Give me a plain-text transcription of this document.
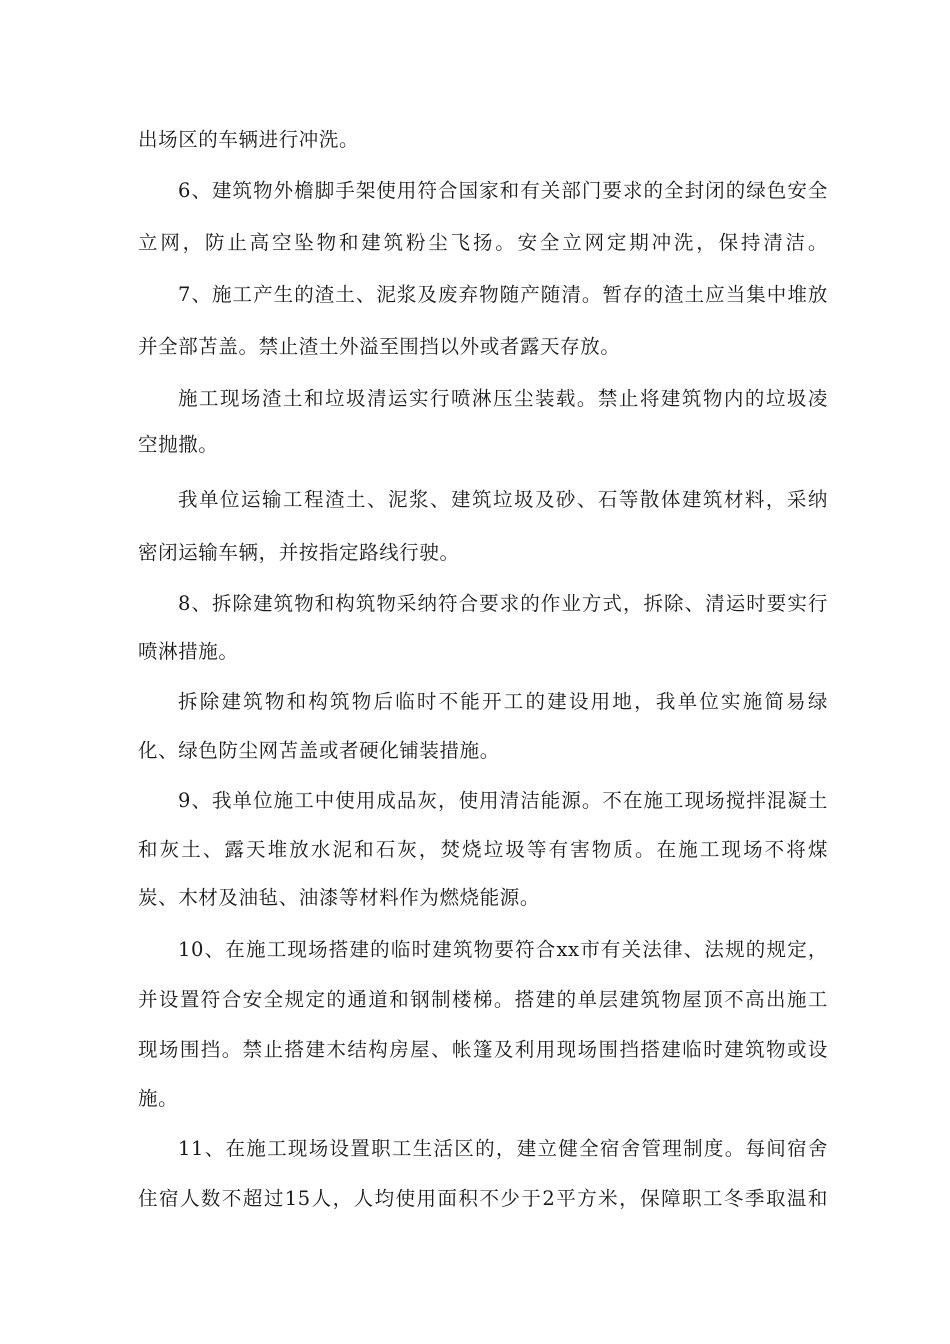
出场区的车辆进行冲洗。
6、建筑物外檐脚手架使用符合国家和有关部门要求的全封闭的绿色安全
立网，防止高空坠物和建筑粉尘飞扬。安全立网定期冲洗，保持清洁。
7、施工产生的渣土、泥浆及废弃物随产随清。暂存的渣土应当集中堆放
并全部苫盖。禁止渣土外溢至围挡以外或者露天存放。
施工现场渣土和垃圾清运实行喷淋压尘装载。禁止将建筑物内的垃圾凌
空抛撒。
我单位运输工程渣土、泥浆、建筑垃圾及砂、石等散体建筑材料，采纳
密闭运输车辆，并按指定路线行驶。
8、拆除建筑物和构筑物采纳符合要求的作业方式，拆除、清运时要实行
喷淋措施。
拆除建筑物和构筑物后临时不能开工的建设用地，我单位实施简易绿
化、绿色防尘网苫盖或者硬化铺装措施。
9、我单位施工中使用成品灰，使用清洁能源。不在施工现场搅拌混凝土
和灰土、露天堆放水泥和石灰，焚烧垃圾等有害物质。在施工现场不将煤
炭、木材及油毡、油漆等材料作为燃烧能源。
10、在施工现场搭建的临时建筑物要符合xx市有关法律、法规的规定，
并设置符合安全规定的通道和钢制楼梯。搭建的单层建筑物屋顶不高出施工
现场围挡。禁止搭建木结构房屋、帐篷及利用现场围挡搭建临时建筑物或设
施。
11、在施工现场设置职工生活区的，建立健全宿舍管理制度。每间宿舍
住宿人数不超过15人，人均使用面积不少于2平方米，保障职工冬季取温和
